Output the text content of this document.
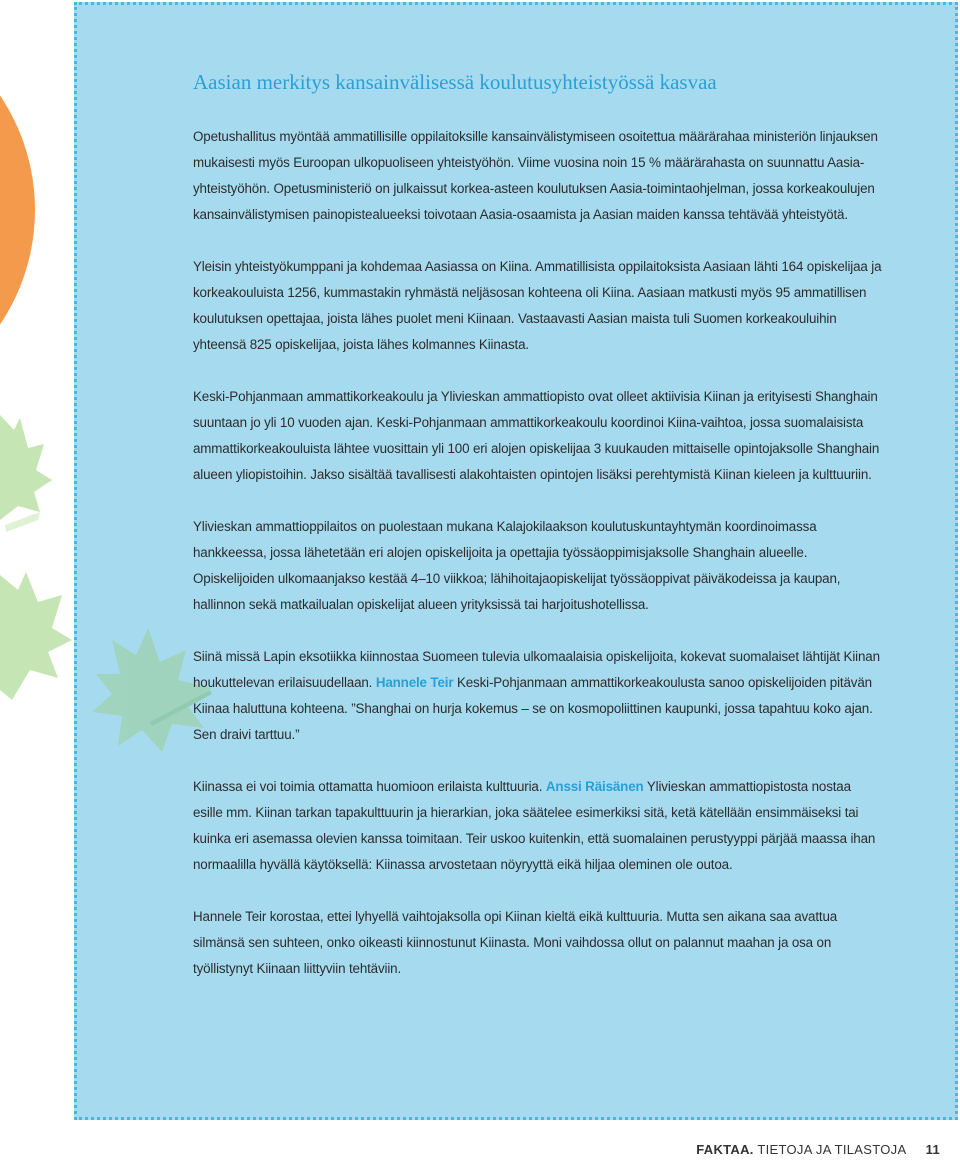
Aasian merkitys kansainvälisessä koulutusyhteistyössä kasvaa

Opetushallitus myöntää ammatillisille oppilaitoksille kansainvälistymiseen osoitettua määrärahaa ministeriön linjauksen mukaisesti myös Euroopan ulkopuoliseen yhteistyöhön. Viime vuosina noin 15 % määrärahasta on suunnattu Aasia-yhteistyöhön. Opetusministeriö on julkaissut korkea-asteen koulutuksen Aasia-toimintaohjelman, jossa korkeakoulujen kansainvälistymisen painopistealueeksi toivotaan Aasia-osaamista ja Aasian maiden kanssa tehtävää yhteistyötä.

Yleisin yhteistyökumppani ja kohdemaa Aasiassa on Kiina. Ammatillisista oppilaitoksista Aasiaan lähti 164 opiskelijaa ja korkeakouluista 1256, kummastakin ryhmästä neljäsosan kohteena oli Kiina. Aasiaan matkusti myös 95 ammatillisen koulutuksen opettajaa, joista lähes puolet meni Kiinaan. Vastaavasti Aasian maista tuli Suomen korkeakouluihin yhteensä 825 opiskelijaa, joista lähes kolmannes Kiinasta.

Keski-Pohjanmaan ammattikorkeakoulu ja Ylivieskan ammattiopisto ovat olleet aktiivisia Kiinan ja erityisesti Shanghain suuntaan jo yli 10 vuoden ajan. Keski-Pohjanmaan ammattikorkeakoulu koordinoi Kiina-vaihtoa, jossa suomalaisista ammattikorkeakouluista lähtee vuosittain yli 100 eri alojen opiskelijaa 3 kuukauden mittaiselle opintojaksolle Shanghain alueen yliopistoihin. Jakso sisältää tavallisesti alakohtaisten opintojen lisäksi perehtymistä Kiinan kieleen ja kulttuuriin.

Ylivieskan ammattioppilaitos on puolestaan mukana Kalajokilaakson koulutuskuntayhtymän koordinoimassa hankkeessa, jossa lähetetään eri alojen opiskelijoita ja opettajia työssäoppimisjaksolle Shanghain alueelle. Opiskelijoiden ulkomaanjakso kestää 4–10 viikkoa; lähihoitajaopiskelijat työssäoppivat päiväkodeissa ja kaupan, hallinnon sekä matkailualan opiskelijat alueen yrityksissä tai harjoitushotellissa.

Siinä missä Lapin eksotiikka kiinnostaa Suomeen tulevia ulkomaalaisia opiskelijoita, kokevat suomalaiset lähtijät Kiinan houkuttelevan erilaisuudellaan. Hannele Teir Keski-Pohjanmaan ammattikorkeakoulusta sanoo opiskelijoiden pitävän Kiinaa haluttuna kohteena. ”Shanghai on hurja kokemus – se on kosmopoliittinen kaupunki, jossa tapahtuu koko ajan. Sen draivi tarttuu.”

Kiinassa ei voi toimia ottamatta huomioon erilaista kulttuuria. Anssi Räisänen Ylivieskan ammattiopistosta nostaa esille mm. Kiinan tarkan tapakulttuurin ja hierarkian, joka säätelee esimerkiksi sitä, ketä kätellään ensimmäiseksi tai kuinka eri asemassa olevien kanssa toimitaan. Teir uskoo kuitenkin, että suomalainen perustyyppi pärjää maassa ihan normaalilla hyvällä käytöksellä: Kiinassa arvostetaan nöyryyttä eikä hiljaa oleminen ole outoa.

Hannele Teir korostaa, ettei lyhyellä vaihtojaksolla opi Kiinan kieltä eikä kulttuuria. Mutta sen aikana saa avattua silmänsä sen suhteen, onko oikeasti kiinnostunut Kiinasta. Moni vaihdossa ollut on palannut maahan ja osa on työllistynyt Kiinaan liittyviin tehtäviin.

FAKTAA. TIETOJA JA TILASTOJA 11
